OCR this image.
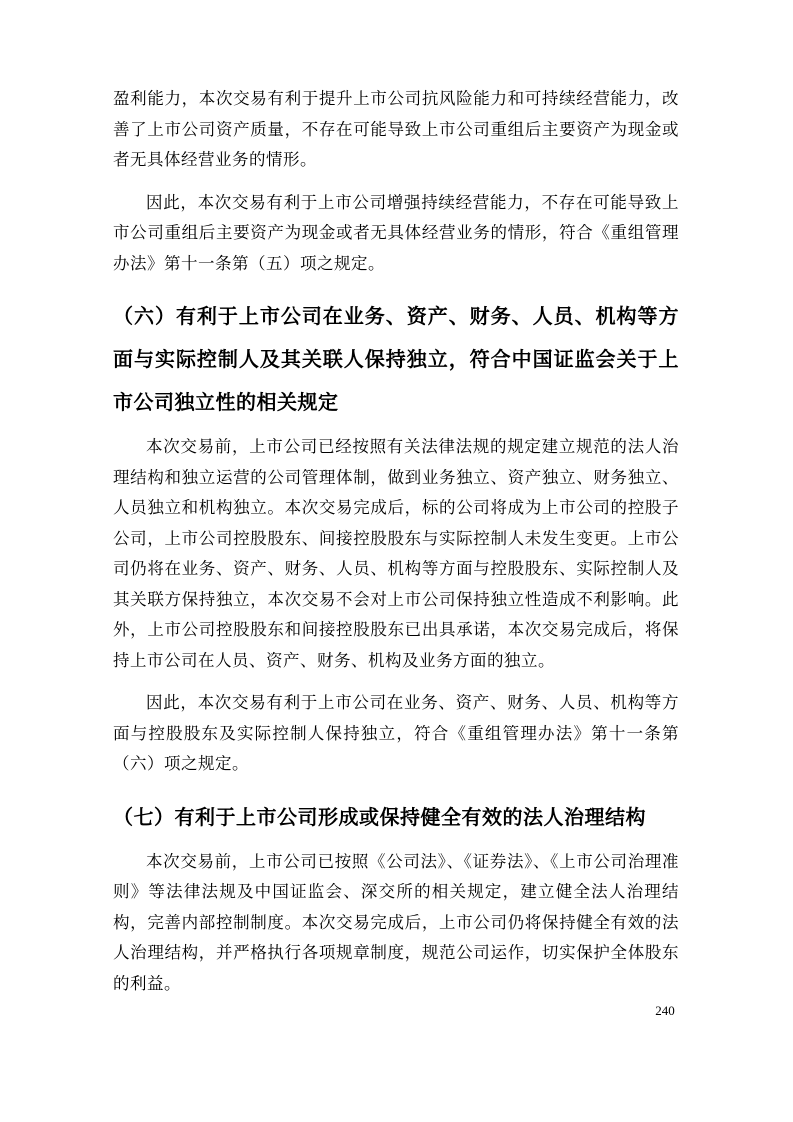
盈利能力，本次交易有利于提升上市公司抗风险能力和可持续经营能力，改善了上市公司资产质量，不存在可能导致上市公司重组后主要资产为现金或者无具体经营业务的情形。

因此，本次交易有利于上市公司增强持续经营能力，不存在可能导致上市公司重组后主要资产为现金或者无具体经营业务的情形，符合《重组管理办法》第十一条第（五）项之规定。

（六）有利于上市公司在业务、资产、财务、人员、机构等方面与实际控制人及其关联人保持独立，符合中国证监会关于上市公司独立性的相关规定

本次交易前，上市公司已经按照有关法律法规的规定建立规范的法人治理结构和独立运营的公司管理体制，做到业务独立、资产独立、财务独立、人员独立和机构独立。本次交易完成后，标的公司将成为上市公司的控股子公司，上市公司控股股东、间接控股股东与实际控制人未发生变更。上市公司仍将在业务、资产、财务、人员、机构等方面与控股股东、实际控制人及其关联方保持独立，本次交易不会对上市公司保持独立性造成不利影响。此外，上市公司控股股东和间接控股股东已出具承诺，本次交易完成后，将保持上市公司在人员、资产、财务、机构及业务方面的独立。

因此，本次交易有利于上市公司在业务、资产、财务、人员、机构等方面与控股股东及实际控制人保持独立，符合《重组管理办法》第十一条第（六）项之规定。

（七）有利于上市公司形成或保持健全有效的法人治理结构

本次交易前，上市公司已按照《公司法》、《证券法》、《上市公司治理准则》等法律法规及中国证监会、深交所的相关规定，建立健全法人治理结构，完善内部控制制度。本次交易完成后，上市公司仍将保持健全有效的法人治理结构，并严格执行各项规章制度，规范公司运作，切实保护全体股东的利益。

240
